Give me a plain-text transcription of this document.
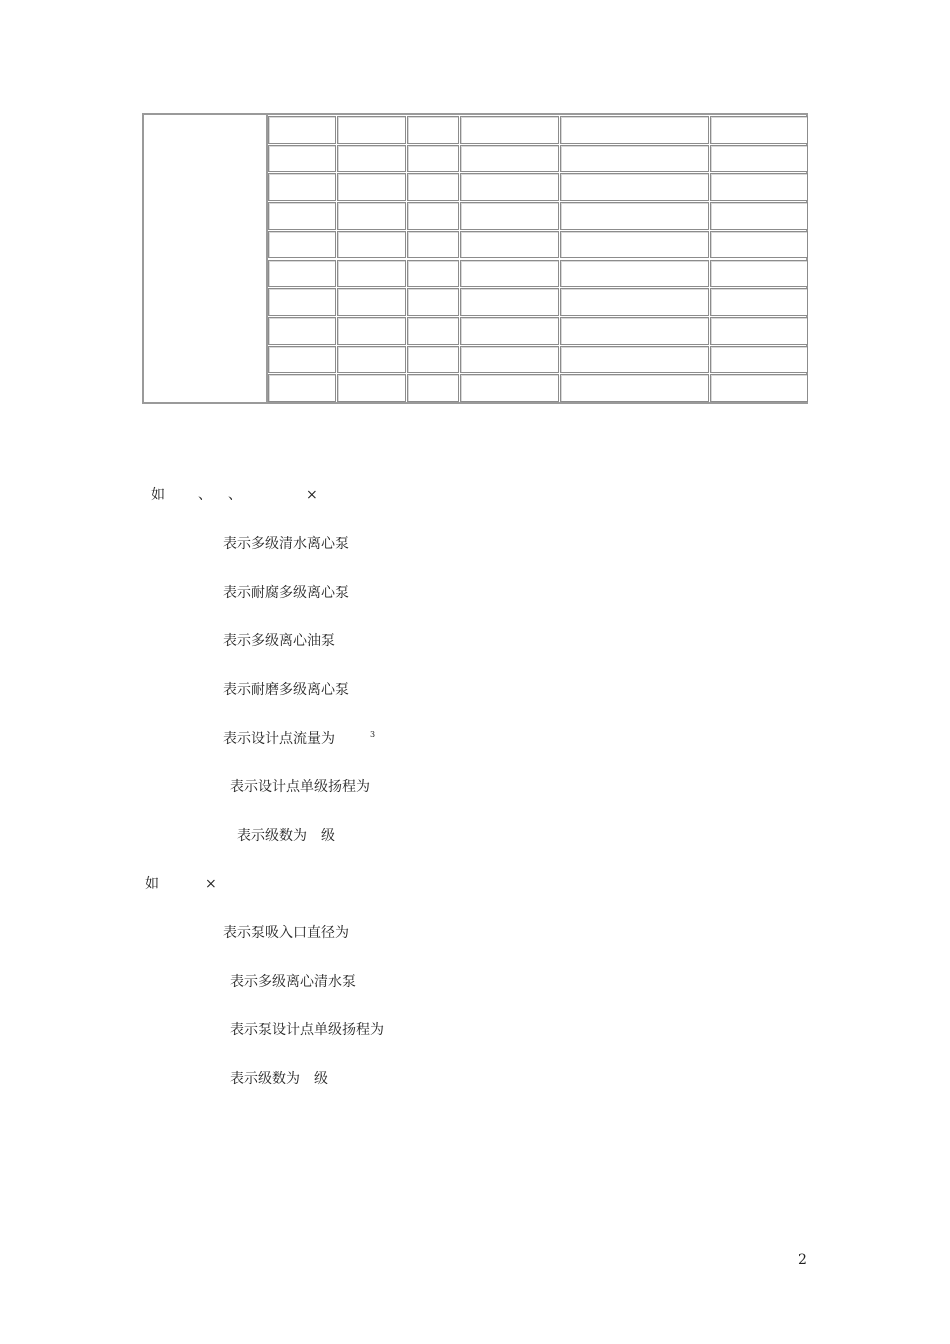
如 、 、	×
表示多级清水离心泵
表示耐腐多级离心泵
表示多级离心油泵
表示耐磨多级离心泵
表示设计点流量为	3
表示设计点单级扬程为
表示级数为　级
如	×
表示泵吸入口直径为
表示多级离心清水泵
表示泵设计点单级扬程为
表示级数为　级
2
